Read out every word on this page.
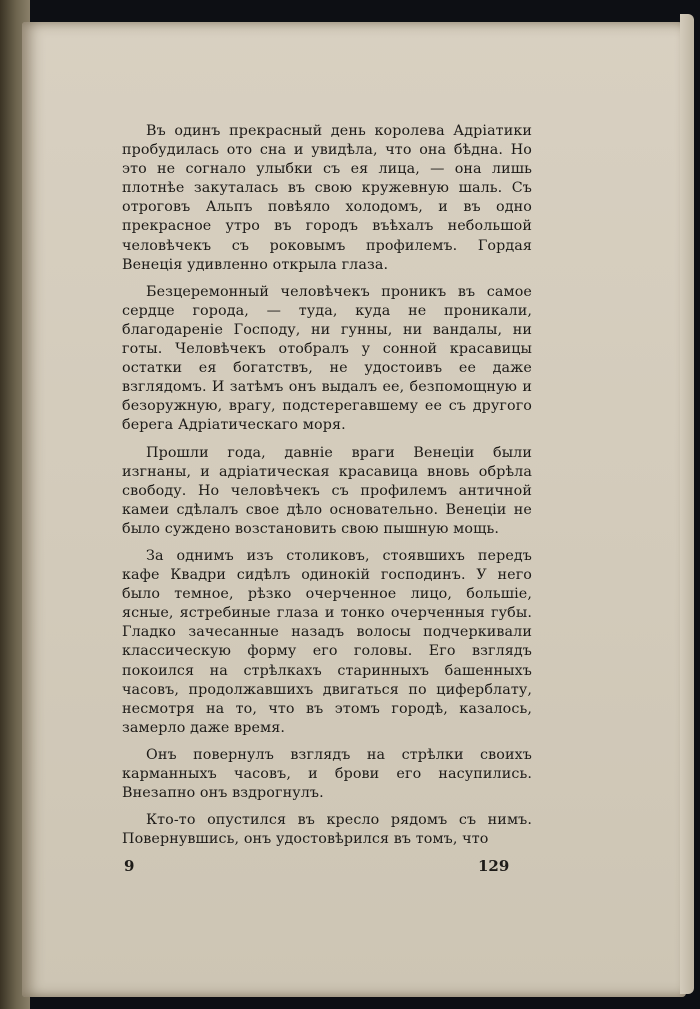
Въ одинъ прекрасный день королева Адріатики пробудилась ото сна и увидѣла, что она бѣдна. Но это не согнало улыбки съ ея лица, — она лишь плотнѣе закуталась въ свою кружевную шаль. Съ отроговъ Альпъ повѣяло холодомъ, и въ одно прекрасное утро въ городъ въѣхалъ небольшой человѣчекъ съ роковымъ профилемъ. Гордая Венеція удивленно открыла глаза.

Безцеремонный человѣчекъ проникъ въ самое сердце города, — туда, куда не проникали, благодареніе Господу, ни гунны, ни вандалы, ни готы. Человѣчекъ отобралъ у сонной красавицы остатки ея богатствъ, не удостоивъ ее даже взглядомъ. И затѣмъ онъ выдалъ ее, безпомощную и безоружную, врагу, подстерегавшему ее съ другого берега Адріатическаго моря.

Прошли года, давніе враги Венеціи были изгнаны, и адріатическая красавица вновь обрѣла свободу. Но человѣчекъ съ профилемъ античной камеи сдѣлалъ свое дѣло основательно. Венеціи не было суждено возстановить свою пышную мощь.

За однимъ изъ столиковъ, стоявшихъ передъ кафе Квадри сидѣлъ одинокій господинъ. У него было темное, рѣзко очерченное лицо, большіе, ясные, ястребиные глаза и тонко очерченныя губы. Гладко зачесанные назадъ волосы подчеркивали классическую форму его головы. Его взглядъ покоился на стрѣлкахъ старинныхъ башенныхъ часовъ, продолжавшихъ двигаться по циферблату, несмотря на то, что въ этомъ городѣ, казалось, замерло даже время.

Онъ повернулъ взглядъ на стрѣлки своихъ карманныхъ часовъ, и брови его насупились. Внезапно онъ вздрогнулъ.

Кто-то опустился въ кресло рядомъ съ нимъ. Повернувшись, онъ удостовѣрился въ томъ, что

9	129
